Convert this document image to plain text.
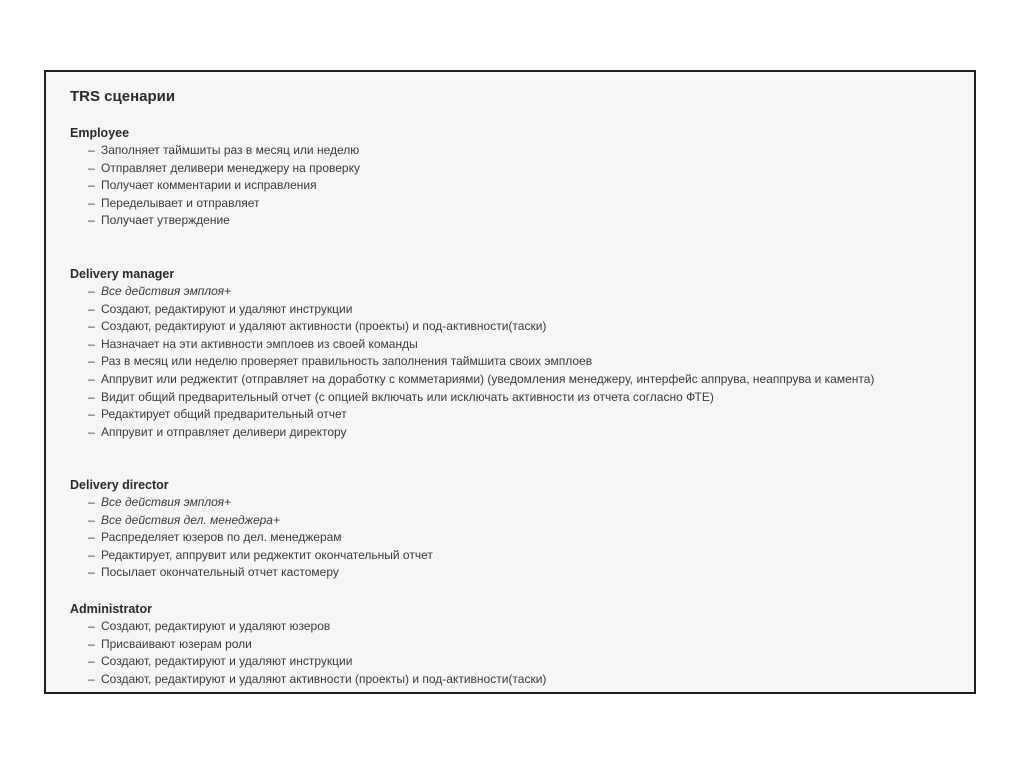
TRS сценарии
Employee
– Заполняет таймшиты раз в месяц или неделю
– Отправляет деливери менеджеру на проверку
– Получает комментарии и исправления
– Переделывает и отправляет
– Получает утверждение
Delivery manager
– Все действия эмплоя+
– Создают, редактируют и удаляют инструкции
– Создают, редактируют и удаляют активности (проекты) и под-активности(таски)
– Назначает на эти активности эмплоев из своей команды
– Раз в месяц или неделю проверяет правильность заполнения таймшита своих эмплоев
– Аппрувит или реджектит (отправляет на доработку с комметариями) (уведомления менеджеру, интерфейс аппрува, неаппрува и камента)
– Видит общий предварительный отчет (с опцией включать или исключать активности из отчета согласно ФТЕ)
– Редактирует общий предварительный отчет
– Аппрувит и отправляет деливери директору
Delivery director
– Все действия эмплоя+
– Все действия дел. менеджера+
– Распределяет юзеров по дел. менеджерам
– Редактирует, аппрувит или реджектит окончательный отчет
– Посылает окончательный отчет кастомеру
Administrator
– Создают, редактируют и удаляют юзеров
– Присваивают юзерам роли
– Создают, редактируют и удаляют инструкции
– Создают, редактируют и удаляют активности (проекты) и под-активности(таски)
